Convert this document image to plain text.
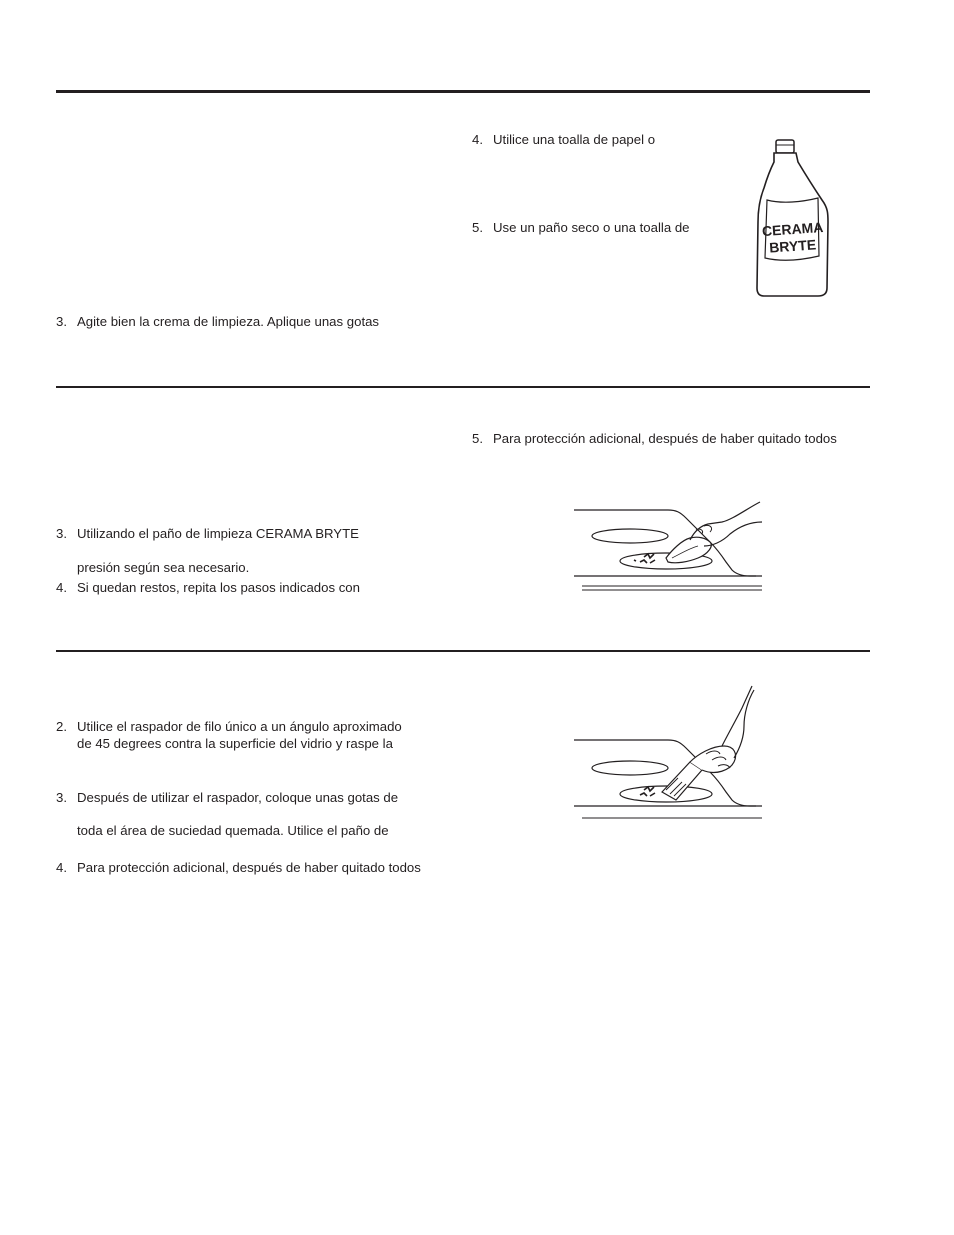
3. Agite bien la crema de limpieza. Aplique unas gotas
4. Utilice una toalla de papel o
5. Use un paño seco o una toalla de	CERAMA
BRYTE
3. Utilizando el paño de limpieza CERAMA BRYTE
presión según sea necesario.
4. Si quedan restos, repita los pasos indicados con
5. Para protección adicional, después de haber quitado todos
2. Utilice el raspador de filo único a un ángulo aproximado
de 45 degrees contra la superficie del vidrio y raspe la
3. Después de utilizar el raspador, coloque unas gotas de
toda el área de suciedad quemada. Utilice el paño de
4. Para protección adicional, después de haber quitado todos
